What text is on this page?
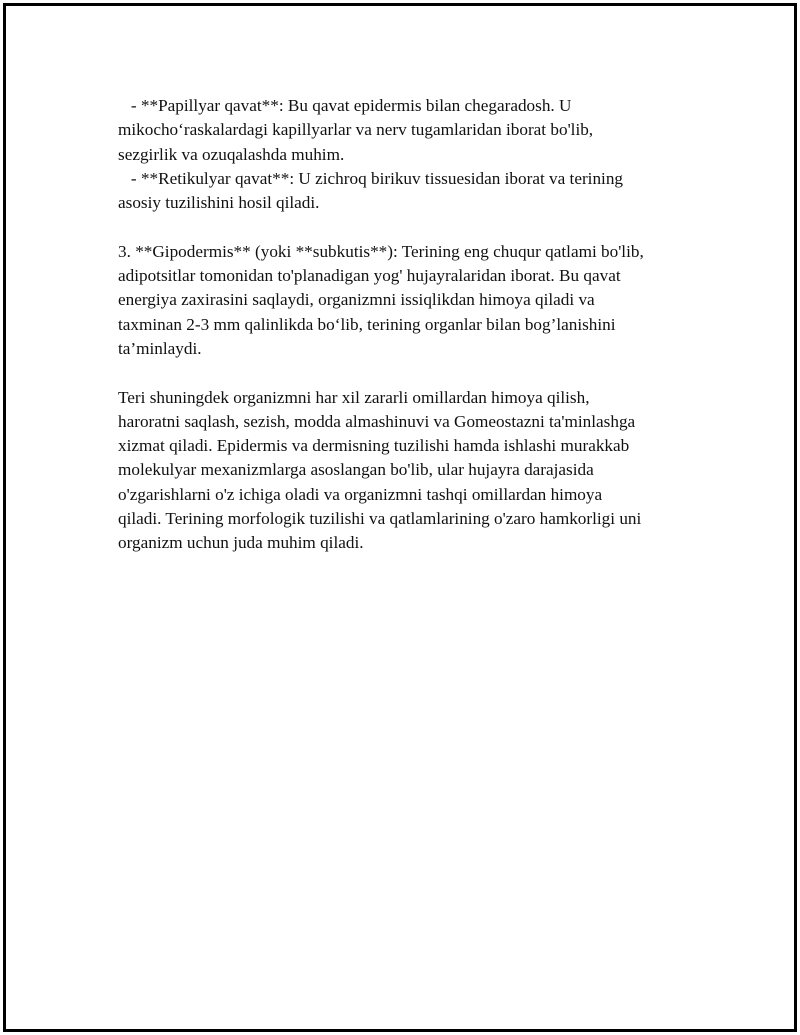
- **Papillyar qavat**: Bu qavat epidermis bilan chegaradosh. U
mikocho‘raskalardagi kapillyarlar va nerv tugamlaridan iborat bo'lib,
sezgirlik va ozuqalashda muhim.
- **Retikulyar qavat**: U zichroq birikuv tissuesidan iborat va terining
asosiy tuzilishini hosil qiladi.
3. **Gipodermis** (yoki **subkutis**): Terining eng chuqur qatlami bo'lib,
adipotsitlar tomonidan to'planadigan yog' hujayralaridan iborat. Bu qavat
energiya zaxirasini saqlaydi, organizmni issiqlikdan himoya qiladi va
taxminan 2-3 mm qalinlikda bo‘lib, terining organlar bilan bog’lanishini
ta’minlaydi.
Teri shuningdek organizmni har xil zararli omillardan himoya qilish,
haroratni saqlash, sezish, modda almashinuvi va Gomeostazni ta'minlashga
xizmat qiladi. Epidermis va dermisning tuzilishi hamda ishlashi murakkab
molekulyar mexanizmlarga asoslangan bo'lib, ular hujayra darajasida
o'zgarishlarni o'z ichiga oladi va organizmni tashqi omillardan himoya
qiladi. Terining morfologik tuzilishi va qatlamlarining o'zaro hamkorligi uni
organizm uchun juda muhim qiladi.
